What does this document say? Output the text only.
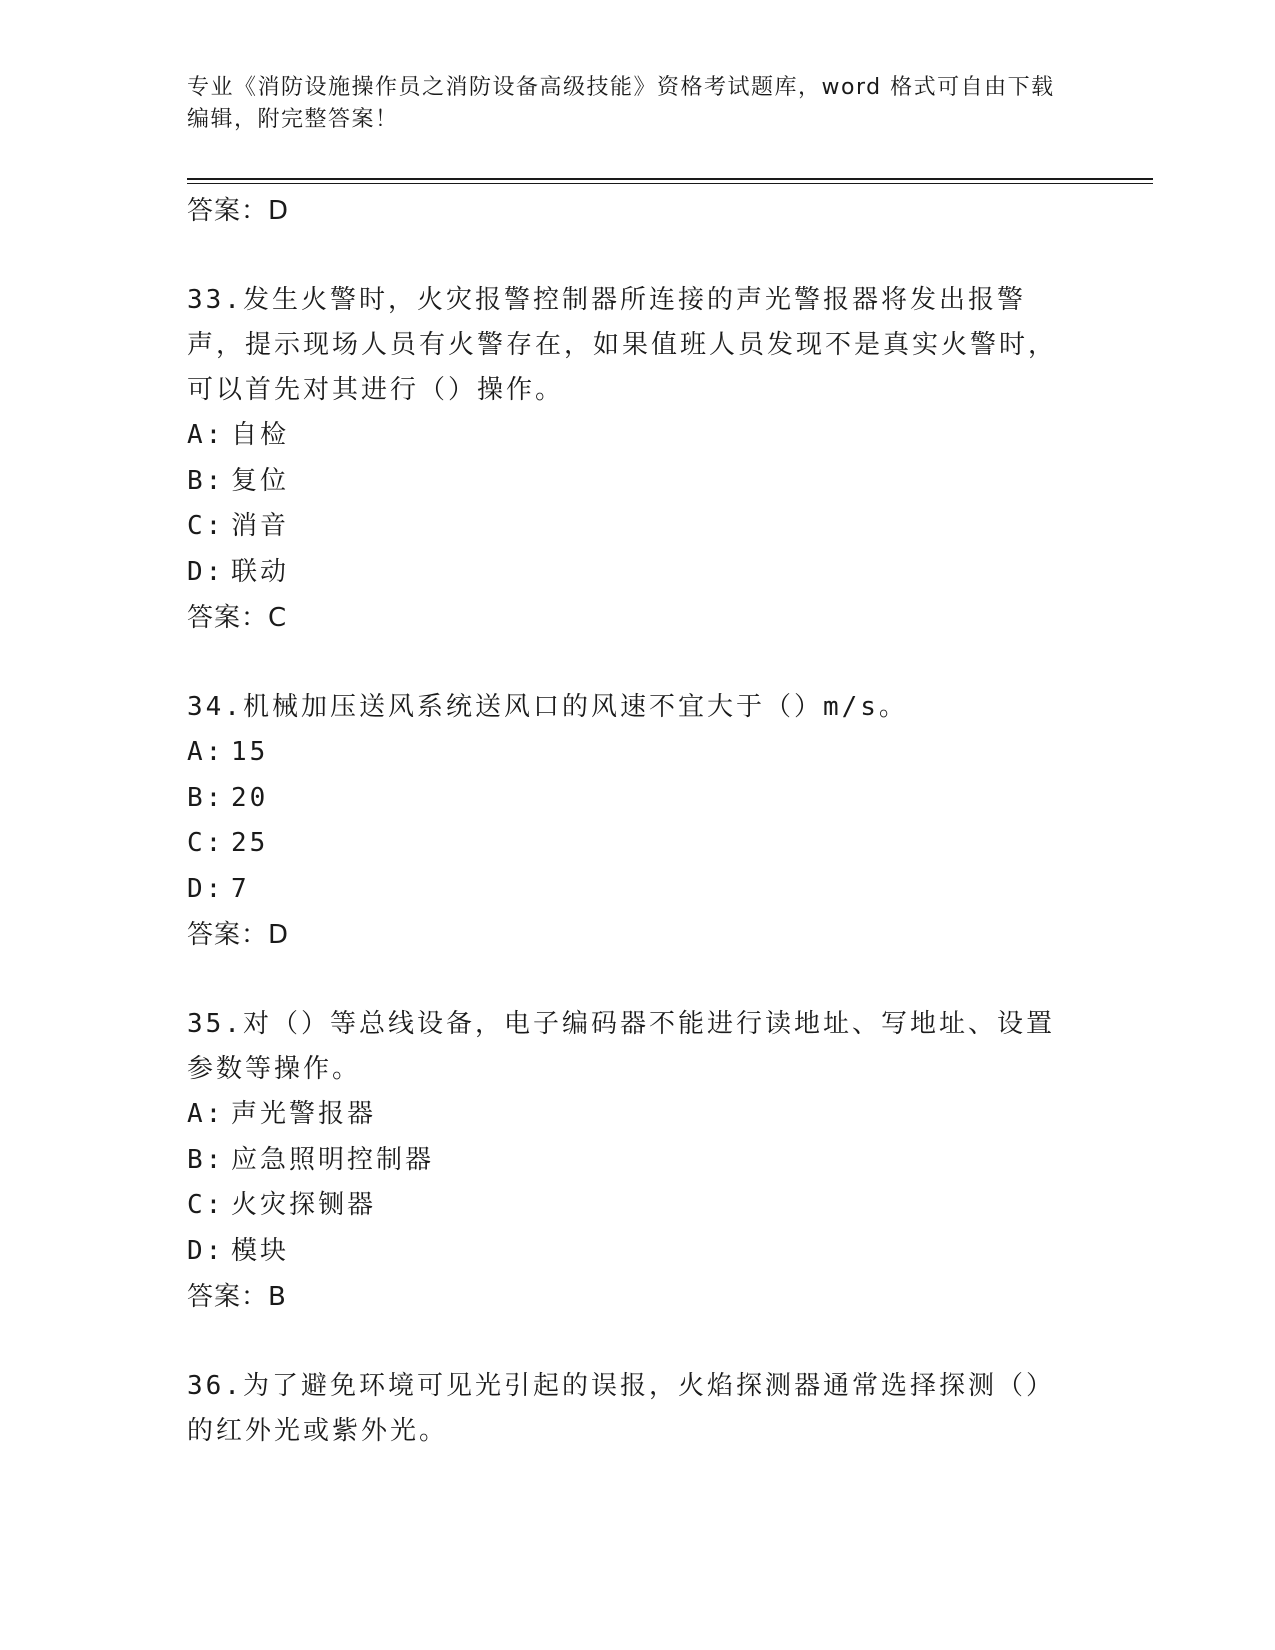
专业《消防设施操作员之消防设备高级技能》资格考试题库，word 格式可自由下载编辑，附完整答案！
答案：D
33.发生火警时，火灾报警控制器所连接的声光警报器将发出报警声，提示现场人员有火警存在，如果值班人员发现不是真实火警时，可以首先对其进行（）操作。
A: 自检
B: 复位
C: 消音
D: 联动
答案：C
34.机械加压送风系统送风口的风速不宜大于（）m/s。
A: 15
B: 20
C: 25
D: 7
答案：D
35.对（）等总线设备，电子编码器不能进行读地址、写地址、设置参数等操作。
A: 声光警报器
B: 应急照明控制器
C: 火灾探铡器
D: 模块
答案：B
36.为了避免环境可见光引起的误报，火焰探测器通常选择探测（）的红外光或紫外光。
